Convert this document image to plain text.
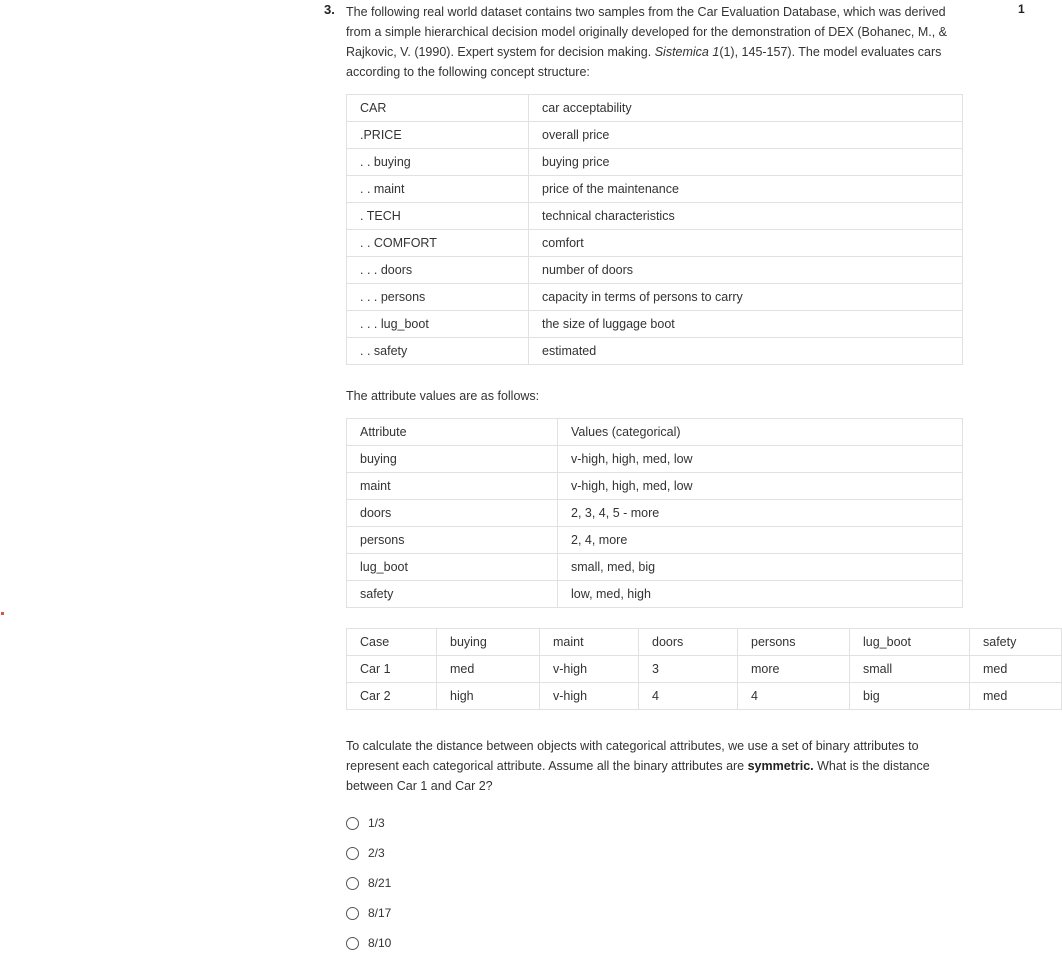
3.	1

The following real world dataset contains two samples from the Car Evaluation Database, which was derived from a simple hierarchical decision model originally developed for the demonstration of DEX (Bohanec, M., & Rajkovic, V. (1990). Expert system for decision making. Sistemica 1(1), 145-157). The model evaluates cars according to the following concept structure:

CAR	car acceptability
.PRICE	overall price
. . buying	buying price
. . maint	price of the maintenance
. TECH	technical characteristics
. . COMFORT	comfort
. . . doors	number of doors
. . . persons	capacity in terms of persons to carry
. . . lug_boot	the size of luggage boot
. . safety	estimated

The attribute values are as follows:

Attribute	Values (categorical)
buying	v-high, high, med, low
maint	v-high, high, med, low
doors	2, 3, 4, 5 - more
persons	2, 4, more
lug_boot	small, med, big
safety	low, med, high
Case	buying	maint	doors	persons	lug_boot	safety
Car 1	med	v-high	3	more	small	med
Car 2	high	v-high	4	4	big	med

To calculate the distance between objects with categorical attributes, we use a set of binary attributes to represent each categorical attribute. Assume all the binary attributes are symmetric. What is the distance between Car 1 and Car 2?

1/3
2/3
8/21
8/17
8/10
